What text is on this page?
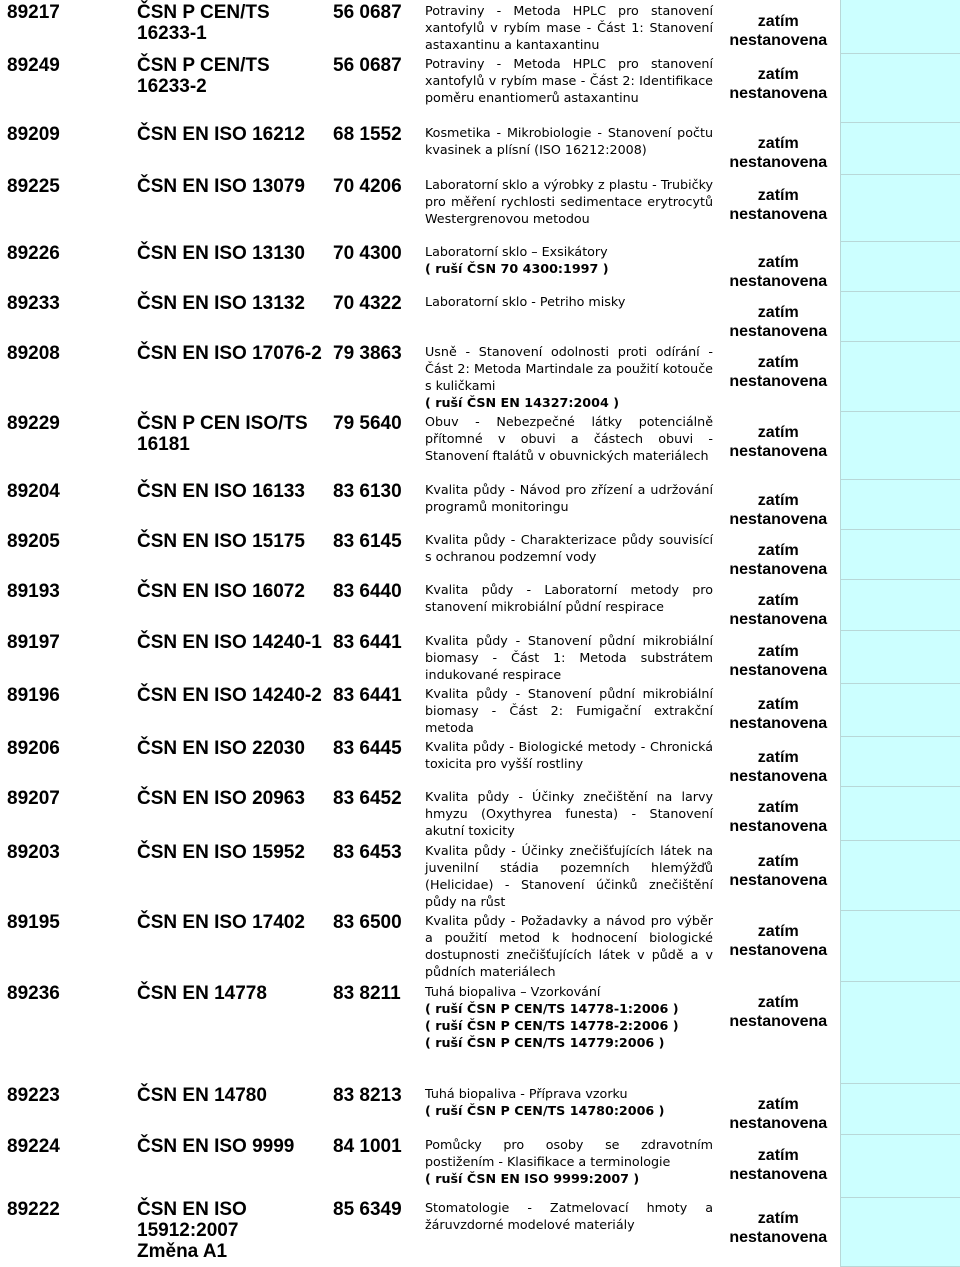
89217	ČSN P CEN/TS 16233-1	56 0687	Potraviny - Metoda HPLC pro stanovení xantofylů v rybím mase - Část 1: Stanovení astaxantinu a kantaxantinu	zatím
nestanovena	

89249	ČSN P CEN/TS 16233-2	56 0687	Potraviny - Metoda HPLC pro stanovení xantofylů v rybím mase - Část 2: Identifikace poměru enantiomerů astaxantinu	zatím
nestanovena	

89209	ČSN EN ISO 16212	68 1552	Kosmetika - Mikrobiologie - Stanovení počtu kvasinek a plísní (ISO 16212:2008)	zatím
nestanovena	

89225	ČSN EN ISO 13079	70 4206	Laboratorní sklo a výrobky z plastu - Trubičky pro měření rychlosti sedimentace erytrocytů Westergrenovou metodou	zatím
nestanovena	

89226	ČSN EN ISO 13130	70 4300	Laboratorní sklo – Exsikátory
( ruší ČSN 70 4300:1997 )	zatím
nestanovena	

89233	ČSN EN ISO 13132	70 4322	Laboratorní sklo - Petriho misky	zatím
nestanovena	

89208	ČSN EN ISO 17076-2	79 3863	Usně - Stanovení odolnosti proti odírání - Část 2: Metoda Martindale za použití kotouče s kuličkami
( ruší ČSN EN 14327:2004 )	zatím
nestanovena	

89229	ČSN P CEN ISO/TS 16181	79 5640	Obuv - Nebezpečné látky potenciálně přítomné v obuvi a částech obuvi - Stanovení ftalátů v obuvnických materiálech	zatím
nestanovena	

89204	ČSN EN ISO 16133	83 6130	Kvalita půdy - Návod pro zřízení a udržování programů monitoringu	zatím
nestanovena	

89205	ČSN EN ISO 15175	83 6145	Kvalita půdy - Charakterizace půdy souvisící s ochranou podzemní vody	zatím
nestanovena	

89193	ČSN EN ISO 16072	83 6440	Kvalita půdy - Laboratorní metody pro stanovení mikrobiální půdní respirace	zatím
nestanovena	

89197	ČSN EN ISO 14240-1	83 6441	Kvalita půdy - Stanovení půdní mikrobiální biomasy - Část 1: Metoda substrátem indukované respirace	zatím
nestanovena	

89196	ČSN EN ISO 14240-2	83 6441	Kvalita půdy - Stanovení půdní mikrobiální biomasy - Část 2: Fumigační extrakční metoda	zatím
nestanovena	

89206	ČSN EN ISO 22030	83 6445	Kvalita půdy - Biologické metody - Chronická toxicita pro vyšší rostliny	zatím
nestanovena	

89207	ČSN EN ISO 20963	83 6452	Kvalita půdy - Účinky znečištění na larvy hmyzu (Oxythyrea funesta) - Stanovení akutní toxicity	zatím
nestanovena	

89203	ČSN EN ISO 15952	83 6453	Kvalita půdy - Účinky znečišťujících látek na juvenilní stádia pozemních hlemýžďů (Helicidae) - Stanovení účinků znečištění půdy na růst	zatím
nestanovena	

89195	ČSN EN ISO 17402	83 6500	Kvalita půdy - Požadavky a návod pro výběr a použití metod k hodnocení biologické dostupnosti znečišťujících látek v půdě a v půdních materiálech	zatím
nestanovena	

89236	ČSN EN 14778	83 8211	Tuhá biopaliva – Vzorkování
( ruší ČSN P CEN/TS 14778-1:2006 )
( ruší ČSN P CEN/TS 14778-2:2006 )
( ruší ČSN P CEN/TS 14779:2006 )	zatím
nestanovena	

89223	ČSN EN 14780	83 8213	Tuhá biopaliva - Příprava vzorku
( ruší ČSN P CEN/TS 14780:2006 )	zatím
nestanovena	

89224	ČSN EN ISO 9999	84 1001	Pomůcky pro osoby se zdravotním postižením - Klasifikace a terminologie
( ruší ČSN EN ISO 9999:2007 )	zatím
nestanovena	

89222	ČSN EN ISO 15912:2007
Změna A1	85 6349	Stomatologie - Zatmelovací hmoty a žáruvzdorné modelové materiály	zatím
nestanovena	
